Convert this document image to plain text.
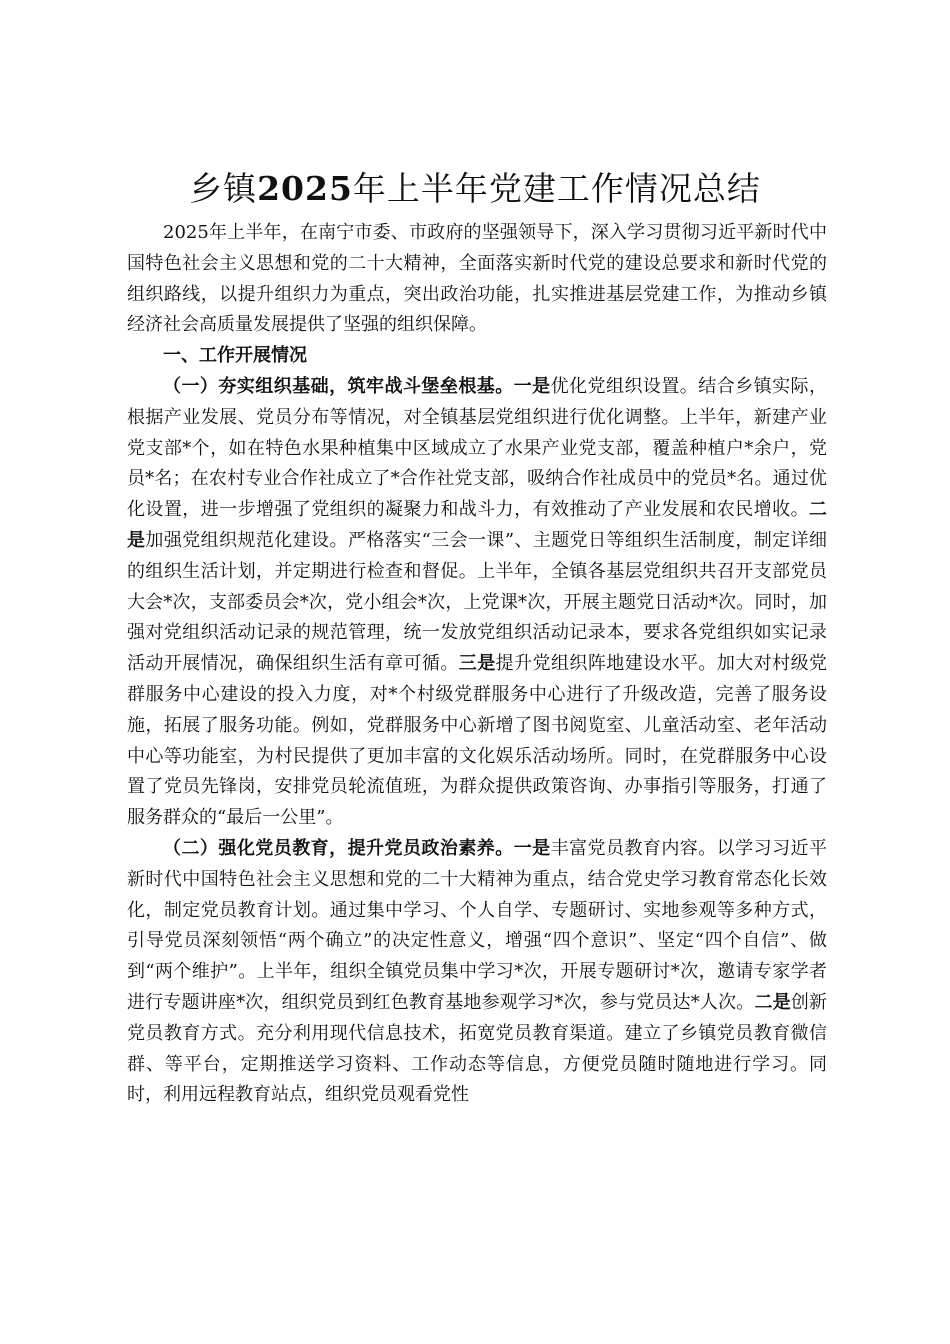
乡镇2025年上半年党建工作情况总结

2025年上半年，在南宁市委、市政府的坚强领导下，深入学习贯彻习近平新时代中国特色社会主义思想和党的二十大精神，全面落实新时代党的建设总要求和新时代党的组织路线，以提升组织力为重点，突出政治功能，扎实推进基层党建工作，为推动乡镇经济社会高质量发展提供了坚强的组织保障。

一、工作开展情况

（一）夯实组织基础，筑牢战斗堡垒根基。一是优化党组织设置。结合乡镇实际，根据产业发展、党员分布等情况，对全镇基层党组织进行优化调整。上半年，新建产业党支部*个，如在特色水果种植集中区域成立了水果产业党支部，覆盖种植户*余户，党员*名；在农村专业合作社成立了*合作社党支部，吸纳合作社成员中的党员*名。通过优化设置，进一步增强了党组织的凝聚力和战斗力，有效推动了产业发展和农民增收。二是加强党组织规范化建设。严格落实“三会一课”、主题党日等组织生活制度，制定详细的组织生活计划，并定期进行检查和督促。上半年，全镇各基层党组织共召开支部党员大会*次，支部委员会*次，党小组会*次，上党课*次，开展主题党日活动*次。同时，加强对党组织活动记录的规范管理，统一发放党组织活动记录本，要求各党组织如实记录活动开展情况，确保组织生活有章可循。三是提升党组织阵地建设水平。加大对村级党群服务中心建设的投入力度，对*个村级党群服务中心进行了升级改造，完善了服务设施，拓展了服务功能。例如，党群服务中心新增了图书阅览室、儿童活动室、老年活动中心等功能室，为村民提供了更加丰富的文化娱乐活动场所。同时，在党群服务中心设置了党员先锋岗，安排党员轮流值班，为群众提供政策咨询、办事指引等服务，打通了服务群众的“最后一公里”。

（二）强化党员教育，提升党员政治素养。一是丰富党员教育内容。以学习习近平新时代中国特色社会主义思想和党的二十大精神为重点，结合党史学习教育常态化长效化，制定党员教育计划。通过集中学习、个人自学、专题研讨、实地参观等多种方式，引导党员深刻领悟“两个确立”的决定性意义，增强“四个意识”、坚定“四个自信”、做到“两个维护”。上半年，组织全镇党员集中学习*次，开展专题研讨*次，邀请专家学者进行专题讲座*次，组织党员到红色教育基地参观学习*次，参与党员达*人次。二是创新党员教育方式。充分利用现代信息技术，拓宽党员教育渠道。建立了乡镇党员教育微信群、等平台，定期推送学习资料、工作动态等信息，方便党员随时随地进行学习。同时，利用远程教育站点，组织党员观看党性
